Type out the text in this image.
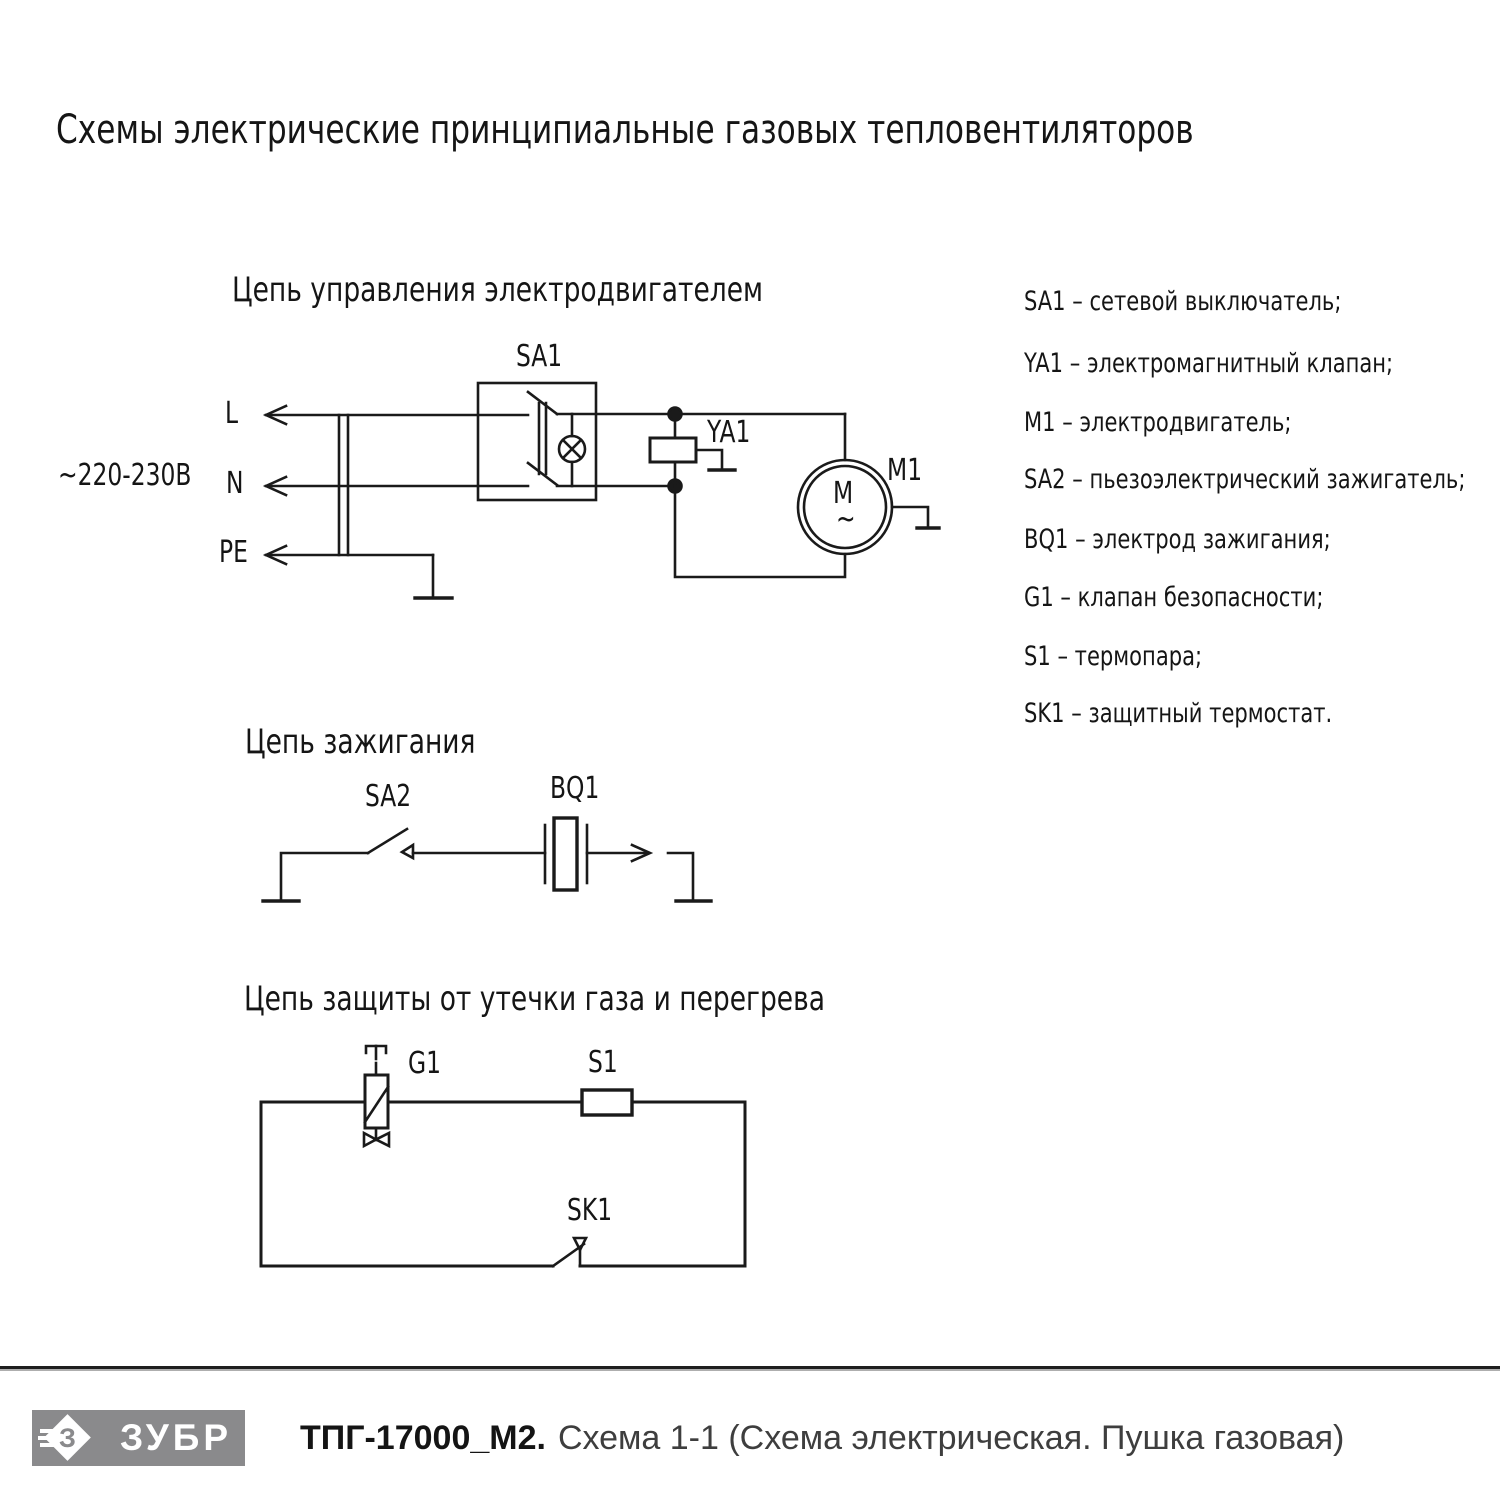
Схемы электрические принципиальные газовых тепловентиляторов
Цепь управления электродвигателем
SA1
~220-230В
L
N
PE
YA1
M1
M
~
Цепь зажигания
SA2	BQ1
Цепь защиты от утечки газа и перегрева
G1	S1
SK1
SA1 – сетевой выключатель;
YA1 – электромагнитный клапан;
M1 – электродвигатель;
SA2 – пьезоэлектрический зажигатель;
BQ1 – электрод зажигания;
G1 – клапан безопасности;
S1 – термопара;
SK1 – защитный термостат.
З ЗУБР ТПГ-17000_М2. Схема 1-1 (Схема электрическая. Пушка газовая)
